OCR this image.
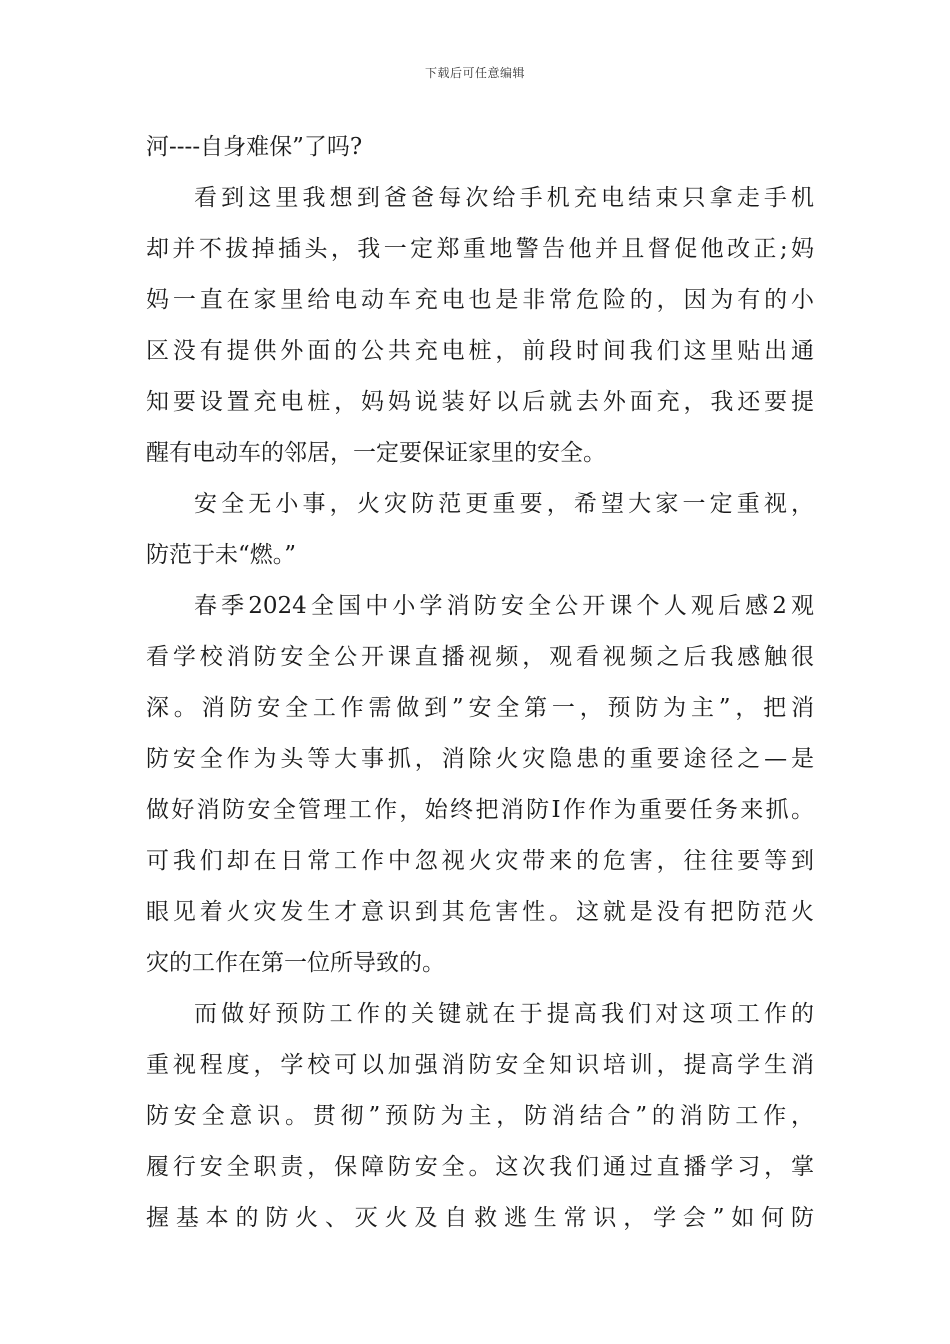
下载后可任意编辑
河----自身难保”了吗?
看到这里我想到爸爸每次给手机充电结束只拿走手机
却并不拔掉插头，我一定郑重地警告他并且督促他改正;妈
妈一直在家里给电动车充电也是非常危险的，因为有的小
区没有提供外面的公共充电桩，前段时间我们这里贴出通
知要设置充电桩，妈妈说装好以后就去外面充，我还要提
醒有电动车的邻居，一定要保证家里的安全。
安全无小事，火灾防范更重要，希望大家一定重视，
防范于未“燃。”
春季2024全国中小学消防安全公开课个人观后感2观
看学校消防安全公开课直播视频，观看视频之后我感触很
深。消防安全工作需做到”安全第一，预防为主”，把消
防安全作为头等大事抓，消除火灾隐患的重要途径之—是
做好消防安全管理工作，始终把消防I作作为重要任务来抓。
可我们却在日常工作中忽视火灾带来的危害，往往要等到
眼见着火灾发生才意识到其危害性。这就是没有把防范火
灾的工作在第一位所导致的。
而做好预防工作的关键就在于提高我们对这项工作的
重视程度，学校可以加强消防安全知识培训，提高学生消
防安全意识。贯彻”预防为主，防消结合”的消防工作，
履行安全职责，保障防安全。这次我们通过直播学习，掌
握基本的防火、灭火及自救逃生常识，学会”如何防
